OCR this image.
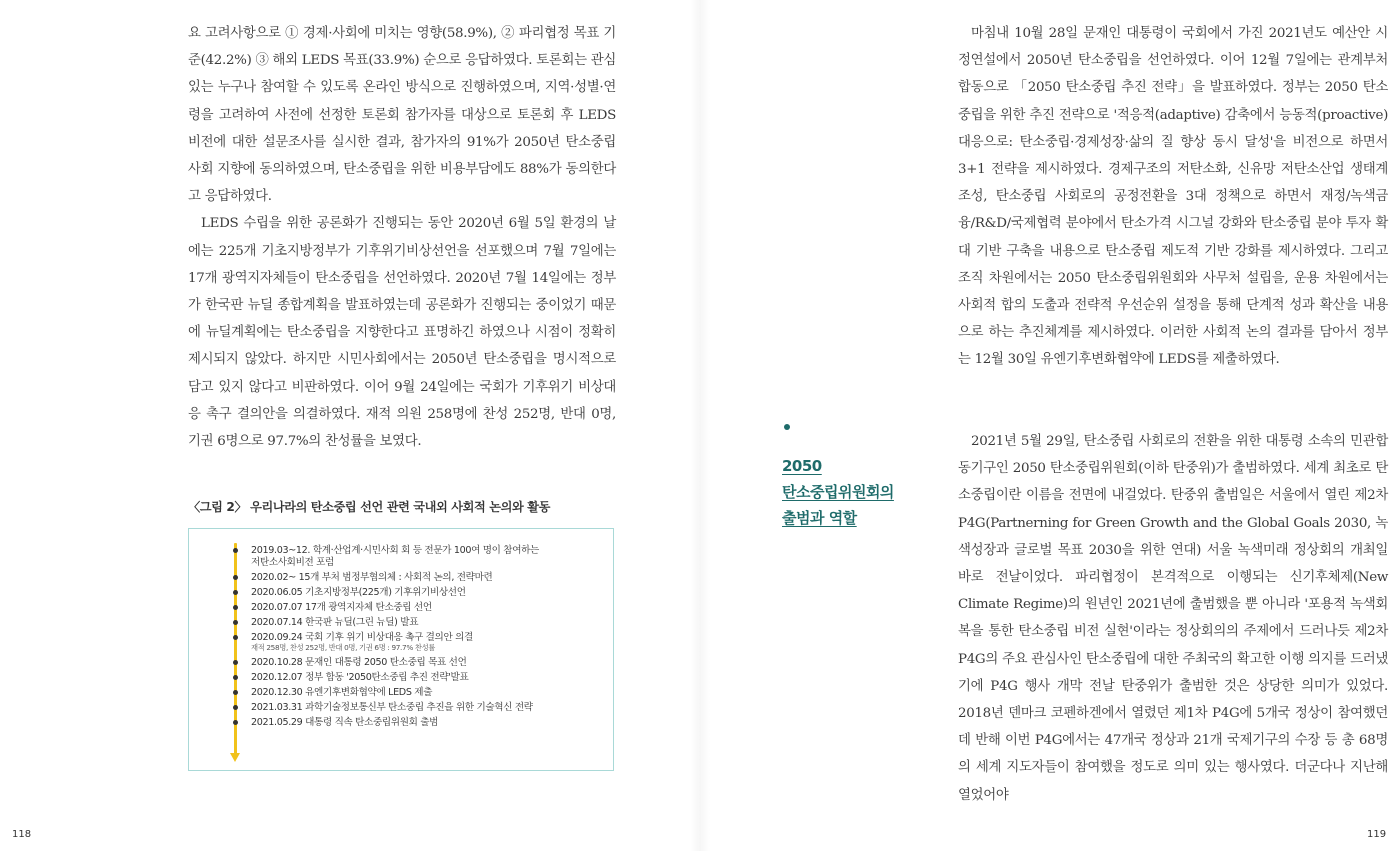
요 고려사항으로 ① 경제·사회에 미치는 영향(58.9%), ② 파리협정 목표 기준(42.2%) ③ 해외 LEDS 목표(33.9%) 순으로 응답하였다. 토론회는 관심 있는 누구나 참여할 수 있도록 온라인 방식으로 진행하였으며, 지역·성별·연령을 고려하여 사전에 선정한 토론회 참가자를 대상으로 토론회 후 LEDS 비전에 대한 설문조사를 실시한 결과, 참가자의 91%가 2050년 탄소중립 사회 지향에 동의하였으며, 탄소중립을 위한 비용부담에도 88%가 동의한다고 응답하였다.

LEDS 수립을 위한 공론화가 진행되는 동안 2020년 6월 5일 환경의 날에는 225개 기초지방정부가 기후위기비상선언을 선포했으며 7월 7일에는 17개 광역지자체들이 탄소중립을 선언하였다. 2020년 7월 14일에는 정부가 한국판 뉴딜 종합계획을 발표하였는데 공론화가 진행되는 중이었기 때문에 뉴딜계획에는 탄소중립을 지향한다고 표명하긴 하였으나 시점이 정확히 제시되지 않았다. 하지만 시민사회에서는 2050년 탄소중립을 명시적으로 담고 있지 않다고 비판하였다. 이어 9월 24일에는 국회가 기후위기 비상대응 촉구 결의안을 의결하였다. 재적 의원 258명에 찬성 252명, 반대 0명, 기권 6명으로 97.7%의 찬성률을 보였다.

〈그림 2〉 우리나라의 탄소중립 선언 관련 국내외 사회적 논의와 활동
2019.03~12. 학계·산업계·시민사회 회 등 전문가 100여 명이 참여하는
저탄소사회비전 포럼
2020.02~ 15개 부처 범정부협의체 : 사회적 논의, 전략마련
2020.06.05 기초지방정부(225개) 기후위기비상선언
2020.07.07 17개 광역지자체 탄소중립 선언
2020.07.14 한국판 뉴딜(그린 뉴딜) 발표
2020.09.24 국회 기후 위기 비상대응 촉구 결의안 의결
재적 258명, 찬성 252명, 반대 0명, 기권 6명 : 97.7% 찬성률
2020.10.28 문재인 대통령 2050 탄소중립 목표 선언
2020.12.07 정부 합동 '2050탄소중립 추진 전략'발표
2020.12.30 유엔기후변화협약에 LEDS 제출
2021.03.31 과학기술정보통신부 탄소중립 추진을 위한 기술혁신 전략
2021.05.29 대통령 직속 탄소중립위원회 출범
118

마침내 10월 28일 문재인 대통령이 국회에서 가진 2021년도 예산안 시정연설에서 2050년 탄소중립을 선언하였다. 이어 12월 7일에는 관계부처 합동으로 「2050 탄소중립 추진 전략」을 발표하였다. 정부는 2050 탄소중립을 위한 추진 전략으로 '적응적(adaptive) 감축에서 능동적(proactive) 대응으로: 탄소중립·경제성장·삶의 질 향상 동시 달성'을 비전으로 하면서 3+1 전략을 제시하였다. 경제구조의 저탄소화, 신유망 저탄소산업 생태계 조성, 탄소중립 사회로의 공정전환을 3대 정책으로 하면서 재정/녹색금융/R&D/국제협력 분야에서 탄소가격 시그널 강화와 탄소중립 분야 투자 확대 기반 구축을 내용으로 탄소중립 제도적 기반 강화를 제시하였다. 그리고 조직 차원에서는 2050 탄소중립위원회와 사무처 설립을, 운용 차원에서는 사회적 합의 도출과 전략적 우선순위 설정을 통해 단계적 성과 확산을 내용으로 하는 추진체계를 제시하였다. 이러한 사회적 논의 결과를 담아서 정부는 12월 30일 유엔기후변화협약에 LEDS를 제출하였다.

2050
탄소중립위원회의
출범과 역할

2021년 5월 29일, 탄소중립 사회로의 전환을 위한 대통령 소속의 민관합동기구인 2050 탄소중립위원회(이하 탄중위)가 출범하였다. 세계 최초로 탄소중립이란 이름을 전면에 내걸었다. 탄중위 출범일은 서울에서 열린 제2차 P4G(Partnerning for Green Growth and the Global Goals 2030, 녹색성장과 글로벌 목표 2030을 위한 연대) 서울 녹색미래 정상회의 개최일 바로 전날이었다. 파리협정이 본격적으로 이행되는 신기후체제(New Climate Regime)의 원년인 2021년에 출범했을 뿐 아니라 '포용적 녹색회복을 통한 탄소중립 비전 실현'이라는 정상회의의 주제에서 드러나듯 제2차 P4G의 주요 관심사인 탄소중립에 대한 주최국의 확고한 이행 의지를 드러냈기에 P4G 행사 개막 전날 탄중위가 출범한 것은 상당한 의미가 있었다. 2018년 덴마크 코펜하겐에서 열렸던 제1차 P4G에 5개국 정상이 참여했던 데 반해 이번 P4G에서는 47개국 정상과 21개 국제기구의 수장 등 총 68명의 세계 지도자들이 참여했을 정도로 의미 있는 행사였다. 더군다나 지난해 열었어야

119
